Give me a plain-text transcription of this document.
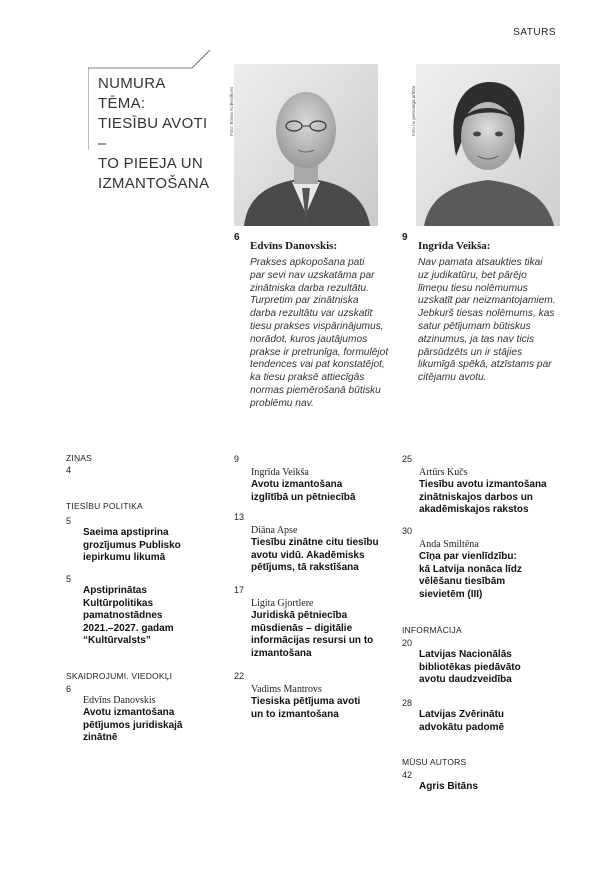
SATURS
NUMURA TĒMA:
TIESĪBU AVOTI –
TO PIEEJA UN
IZMANTOŠANA
Foto: Boriss Koļesņikovs	Foto no personīgā arhīva
6
Edvīns Danovskis:
Prakses apkopošana pati
par sevi nav uzskatāma par
zinātniska darba rezultātu.
Turpretim par zinātniska
darba rezultātu var uzskatīt
tiesu prakses vispārinājumus,
norādot, kuros jautājumos
prakse ir pretrunīga, formulējot
tendences vai pat konstatējot,
ka tiesu praksē attiecīgās
normas piemērošanā būtisku
problēmu nav.
9
Ingrīda Veikša:
Nav pamata atsaukties tikai
uz judikatūru, bet pārējo
līmeņu tiesu nolēmumus
uzskatīt par neizmantojamiem.
Jebkurš tiesas nolēmums, kas
satur pētījumam būtiskus
atzinumus, ja tas nav ticis
pārsūdzēts un ir stājies
likumīgā spēkā, atzīstams par
citējamu avotu.
ZIŅAS
4
TIESĪBU POLITIKA
5
Saeima apstiprina
grozījumus Publisko
iepirkumu likumā
5
Apstiprinātas
Kultūrpolitikas
pamatnostādnes
2021.–2027. gadam
“Kultūrvalsts”
SKAIDROJUMI. VIEDOKĻI
6
Edvīns Danovskis
Avotu izmantošana
pētījumos juridiskajā
zinātnē
9
Ingrīda Veikša
Avotu izmantošana
izglītībā un pētniecībā
13
Diāna Apse
Tiesību zinātne citu tiesību
avotu vidū. Akadēmisks
pētījums, tā rakstīšana
17
Ligita Gjortlere
Juridiskā pētniecība
mūsdienās – digitālie
informācijas resursi un to
izmantošana
22
Vadims Mantrovs
Tiesiska pētījuma avoti
un to izmantošana
25
Artūrs Kučs
Tiesību avotu izmantošana
zinātniskajos darbos un
akadēmiskajos rakstos
30
Anda Smiltēna
Cīņa par vienlīdzību:
kā Latvija nonāca līdz
vēlēšanu tiesībām
sievietēm (III)
INFORMĀCIJA
20
Latvijas Nacionālās
bibliotēkas piedāvāto
avotu daudzveidība
28
Latvijas Zvērinātu
advokātu padomē
MŪSU AUTORS
42
Agris Bitāns
